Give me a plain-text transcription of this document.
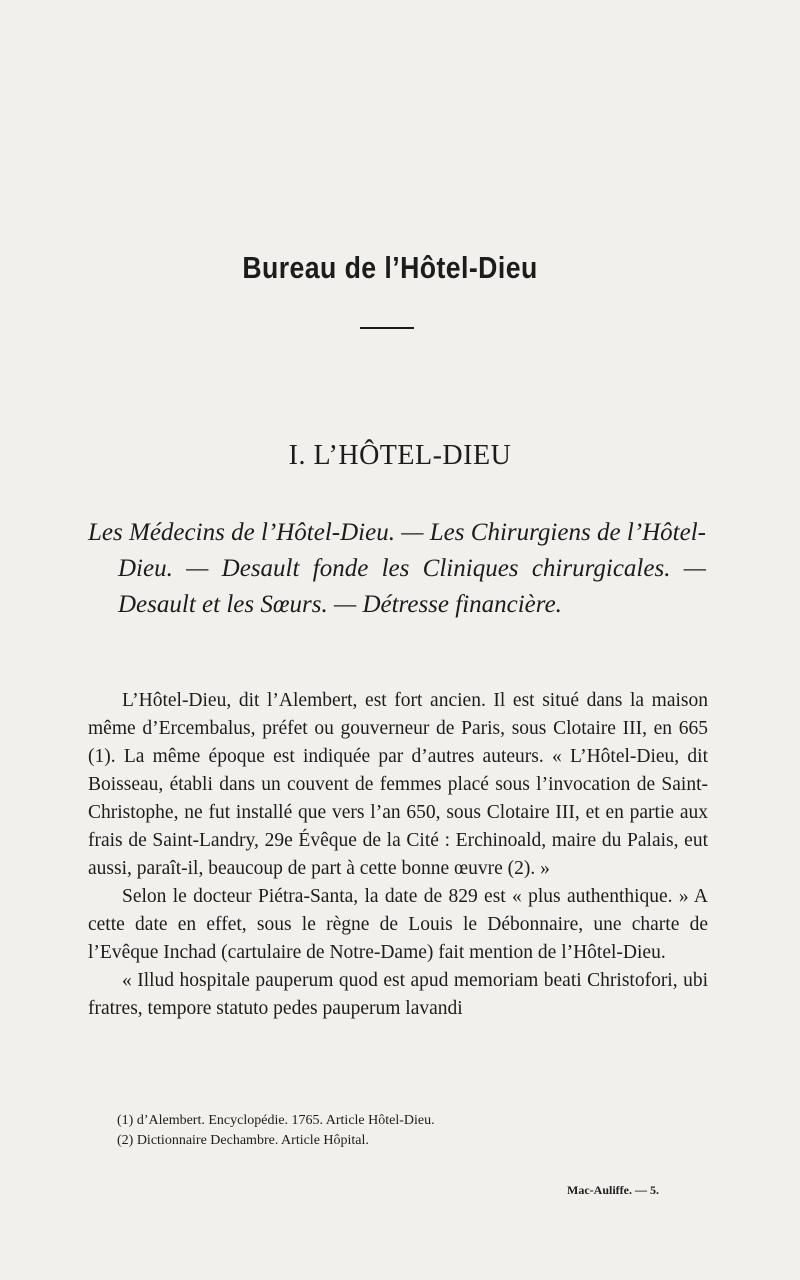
Bureau de l’Hôtel-Dieu
I. L’HÔTEL-DIEU
Les Médecins de l’Hôtel-Dieu. — Les Chirurgiens de l’Hôtel-Dieu. — Desault fonde les Cliniques chirurgicales. — Desault et les Sœurs. — Détresse financière.

L’Hôtel-Dieu, dit l’Alembert, est fort ancien. Il est situé dans la maison même d’Ercembalus, préfet ou gouverneur de Paris, sous Clotaire III, en 665 (1). La même époque est indiquée par d’autres auteurs. « L’Hôtel-Dieu, dit Boisseau, établi dans un couvent de femmes placé sous l’invocation de Saint-Christophe, ne fut installé que vers l’an 650, sous Clotaire III, et en partie aux frais de Saint-Landry, 29e Évêque de la Cité : Erchinoald, maire du Palais, eut aussi, paraît-il, beaucoup de part à cette bonne œuvre (2). »

Selon le docteur Piétra-Santa, la date de 829 est « plus authenthique. » A cette date en effet, sous le règne de Louis le Débonnaire, une charte de l’Evêque Inchad (cartulaire de Notre-Dame) fait mention de l’Hôtel-Dieu.

« Illud hospitale pauperum quod est apud memoriam beati Christofori, ubi fratres, tempore statuto pedes pauperum lavandi

(1) d’Alembert. Encyclopédie. 1765. Article Hôtel-Dieu.
(2) Dictionnaire Dechambre. Article Hôpital.
Mac-Auliffe. — 5.
